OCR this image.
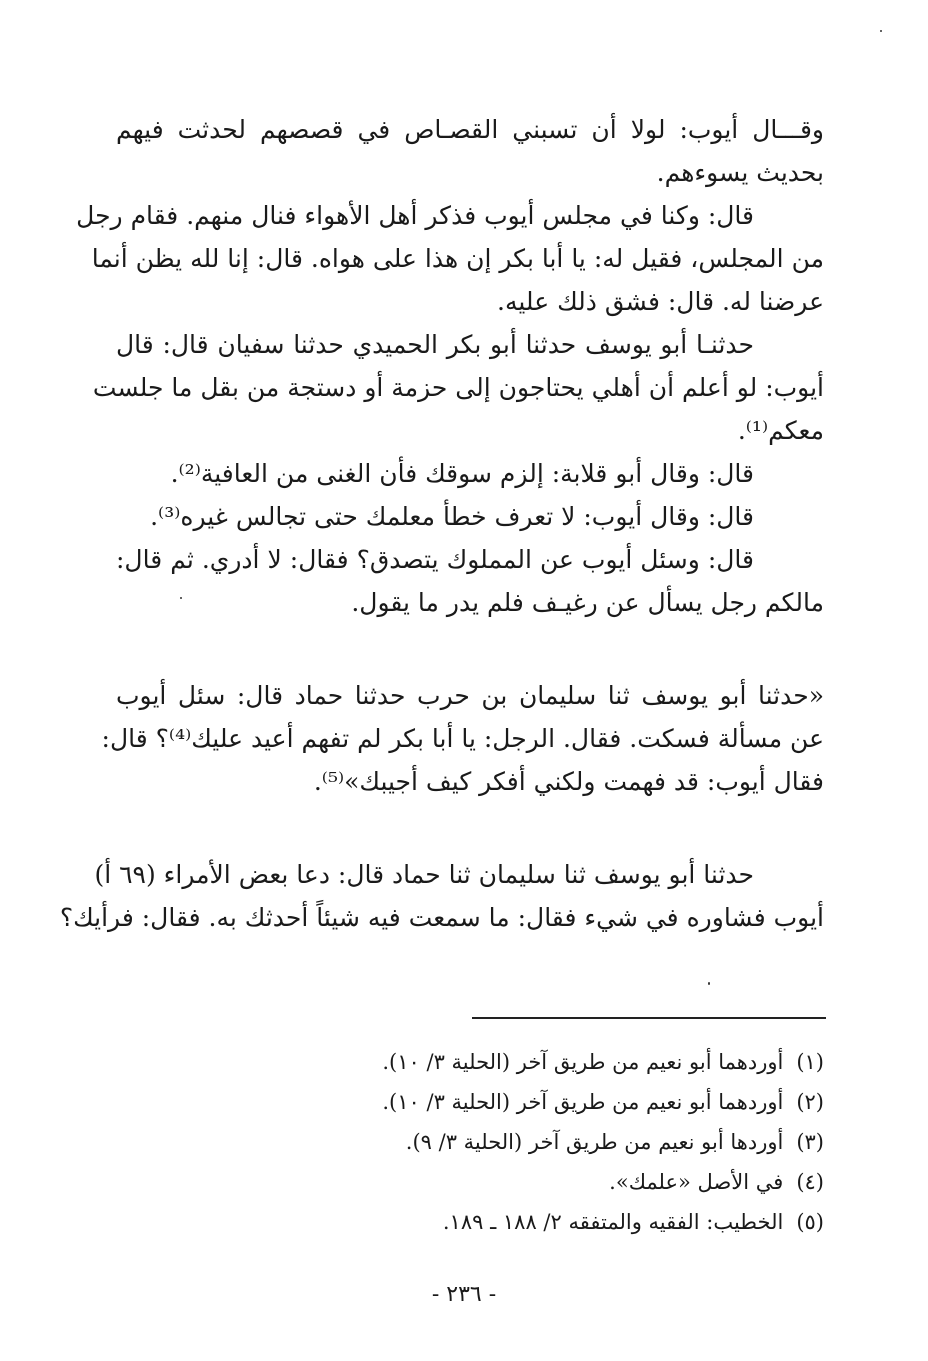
وقـــال أيوب: لولا أن تسبني القصـاص في قصصهم لحدثت فيهم
بحديث يسوءهم.
قال: وكنا في مجلس أيوب فذكر أهل الأهواء فنال منهم. فقام رجل
من المجلس، فقيل له: يا أبا بكر إن هذا على هواه. قال: إنا لله يظن أنما
عرضنا له. قال: فشق ذلك عليه.
حدثنـا أبو يوسف حدثنا أبو بكر الحميدي حدثنا سفيان قال: قال
أيوب: لو أعلم أن أهلي يحتاجون إلى حزمة أو دستجة من بقل ما جلست
معكم⁽¹⁾.
قال: وقال أبو قلابة: إلزم سوقك فأن الغنى من العافية⁽²⁾.
قال: وقال أيوب: لا تعرف خطأ معلمك حتى تجالس غيره⁽³⁾.
قال: وسئل أيوب عن المملوك يتصدق؟ فقال: لا أدري. ثم قال:
مالكم رجل يسأل عن رغيـف فلم يدر ما يقول.
«حدثنا أبو يوسف ثنا سليمان بن حرب حدثنا حماد قال: سئل أيوب
عن مسألة فسكت. فقال. الرجل: يا أبا بكر لم تفهم أعيد عليك⁽⁴⁾؟ قال:
فقال أيوب: قد فهمت ولكني أفكر كيف أجيبك»⁽⁵⁾.
حدثنا أبو يوسف ثنا سليمان ثنا حماد قال: دعا بعض الأمراء (٦٩ أ)
أيوب فشاوره في شيء فقال: ما سمعت فيه شيئاً أحدثك به. فقال: فرأيك؟
(١) أوردهما أبو نعيم من طريق آخر (الحلية ٣/ ١٠).
(٢) أوردهما أبو نعيم من طريق آخر (الحلية ٣/ ١٠).
(٣) أوردها أبو نعيم من طريق آخر (الحلية ٣/ ٩).
(٤) في الأصل «علمك».
(٥) الخطيب: الفقيه والمتفقه ٢/ ١٨٨ ـ ١٨٩.
- ٢٣٦ -
